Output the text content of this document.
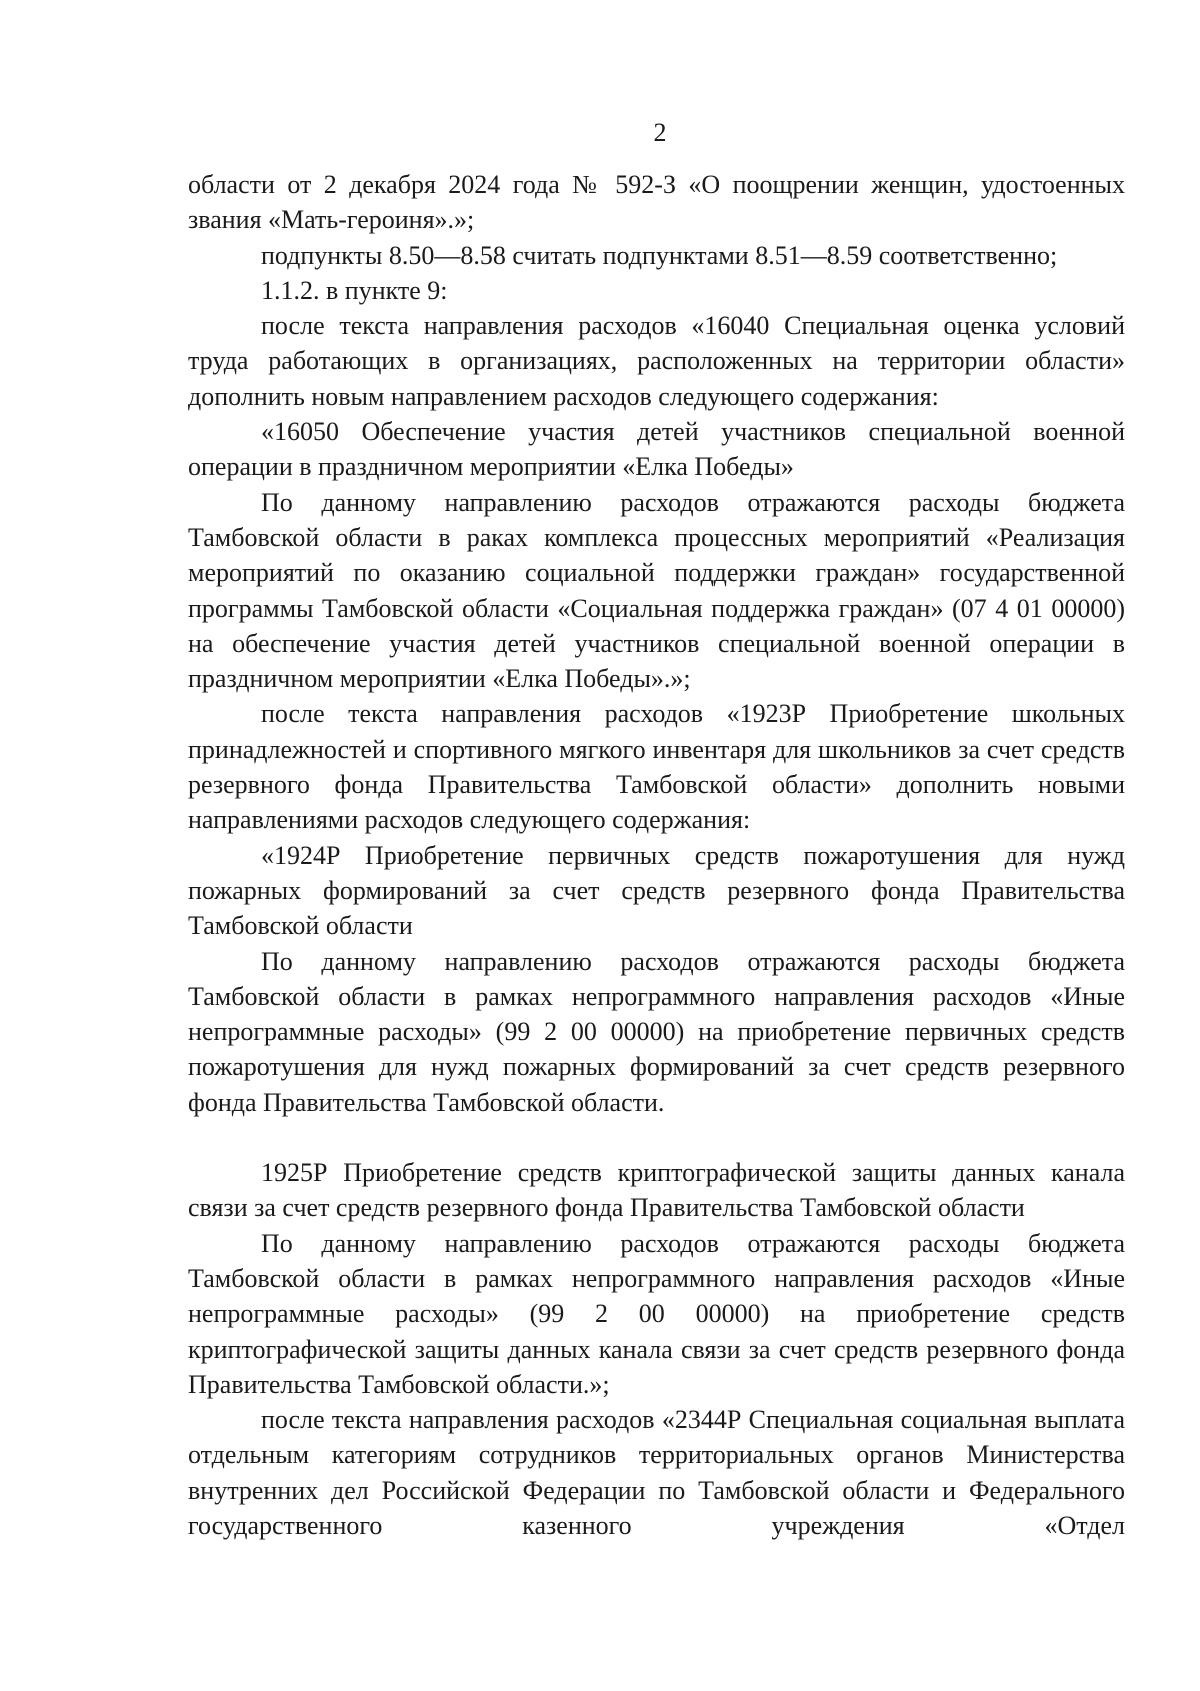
2

области от 2 декабря 2024 года № 592-З «О поощрении женщин, удостоенных звания «Мать-героиня».»;

подпункты 8.50—8.58 считать подпунктами 8.51—8.59 соответственно;

1.1.2. в пункте 9:

после текста направления расходов «16040 Специальная оценка условий труда работающих в организациях, расположенных на территории области» дополнить новым направлением расходов следующего содержания:

«16050 Обеспечение участия детей участников специальной военной операции в праздничном мероприятии «Елка Победы»

По данному направлению расходов отражаются расходы бюджета Тамбовской области в раках комплекса процессных мероприятий «Реализация мероприятий по оказанию социальной поддержки граждан» государственной программы Тамбовской области «Социальная поддержка граждан» (07 4 01 00000) на обеспечение участия детей участников специальной военной операции в праздничном мероприятии «Елка Победы».»;

после текста направления расходов «1923Р Приобретение школьных принадлежностей и спортивного мягкого инвентаря для школьников за счет средств резервного фонда Правительства Тамбовской области» дополнить новыми направлениями расходов следующего содержания:

«1924Р Приобретение первичных средств пожаротушения для нужд пожарных формирований за счет средств резервного фонда Правительства Тамбовской области

По данному направлению расходов отражаются расходы бюджета Тамбовской области в рамках непрограммного направления расходов «Иные непрограммные расходы» (99 2 00 00000) на приобретение первичных средств пожаротушения для нужд пожарных формирований за счет средств резервного фонда Правительства Тамбовской области.

1925Р Приобретение средств криптографической защиты данных канала связи за счет средств резервного фонда Правительства Тамбовской области

По данному направлению расходов отражаются расходы бюджета Тамбовской области в рамках непрограммного направления расходов «Иные непрограммные расходы» (99 2 00 00000) на приобретение средств криптографической защиты данных канала связи за счет средств резервного фонда Правительства Тамбовской области.»;

после текста направления расходов «2344Р Специальная социальная выплата отдельным категориям сотрудников территориальных органов Министерства внутренних дел Российской Федерации по Тамбовской области и Федерального государственного казенного учреждения «Отдел
